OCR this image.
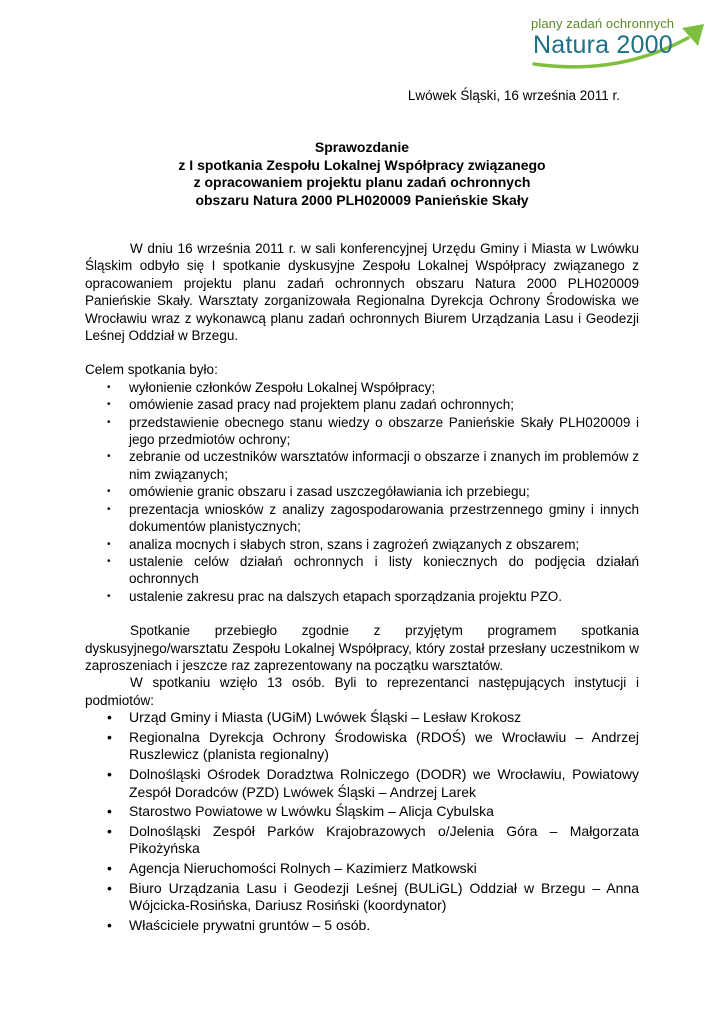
plany zadań ochronnych
Natura 2000
Lwówek Śląski, 16 września 2011 r.
Sprawozdanie
z I spotkania Zespołu Lokalnej Współpracy związanego
z opracowaniem projektu planu zadań ochronnych
obszaru Natura 2000 PLH020009 Panieńskie Skały

W dniu 16 września 2011 r. w sali konferencyjnej Urzędu Gminy i Miasta w Lwówku Śląskim odbyło się I spotkanie dyskusyjne Zespołu Lokalnej Współpracy związanego z opracowaniem projektu planu zadań ochronnych obszaru Natura 2000 PLH020009 Panieńskie Skały. Warsztaty zorganizowała Regionalna Dyrekcja Ochrony Środowiska we Wrocławiu wraz z wykonawcą planu zadań ochronnych Biurem Urządzania Lasu i Geodezji Leśnej Oddział w Brzegu.

Celem spotkania było:

• wyłonienie członków Zespołu Lokalnej Współpracy;
• omówienie zasad pracy nad projektem planu zadań ochronnych;
• przedstawienie obecnego stanu wiedzy o obszarze Panieńskie Skały PLH020009 i jego przedmiotów ochrony;
• zebranie od uczestników warsztatów informacji o obszarze i znanych im problemów z nim związanych;
• omówienie granic obszaru i zasad uszczegóławiania ich przebiegu;
• prezentacja wniosków z analizy zagospodarowania przestrzennego gminy i innych dokumentów planistycznych;
• analiza mocnych i słabych stron, szans i zagrożeń związanych z obszarem;
• ustalenie celów działań ochronnych i listy koniecznych do podjęcia działań ochronnych
• ustalenie zakresu prac na dalszych etapach sporządzania projektu PZO.

Spotkanie przebiegło zgodnie z przyjętym programem spotkania dyskusyjnego/warsztatu Zespołu Lokalnej Współpracy, który został przesłany uczestnikom w zaproszeniach i jeszcze raz zaprezentowany na początku warsztatów.

W spotkaniu wzięło 13 osób. Byli to reprezentanci następujących instytucji i podmiotów:

• Urząd Gminy i Miasta (UGiM) Lwówek Śląski – Lesław Krokosz
• Regionalna Dyrekcja Ochrony Środowiska (RDOŚ) we Wrocławiu – Andrzej Ruszlewicz (planista regionalny)
• Dolnośląski Ośrodek Doradztwa Rolniczego (DODR) we Wrocławiu, Powiatowy Zespół Doradców (PZD) Lwówek Śląski – Andrzej Larek
• Starostwo Powiatowe w Lwówku Śląskim – Alicja Cybulska
• Dolnośląski Zespół Parków Krajobrazowych o/Jelenia Góra – Małgorzata Pikożyńska
• Agencja Nieruchomości Rolnych – Kazimierz Matkowski
• Biuro Urządzania Lasu i Geodezji Leśnej (BULiGL) Oddział w Brzegu – Anna Wójcicka-Rosińska, Dariusz Rosiński (koordynator)
• Właściciele prywatni gruntów – 5 osób.
